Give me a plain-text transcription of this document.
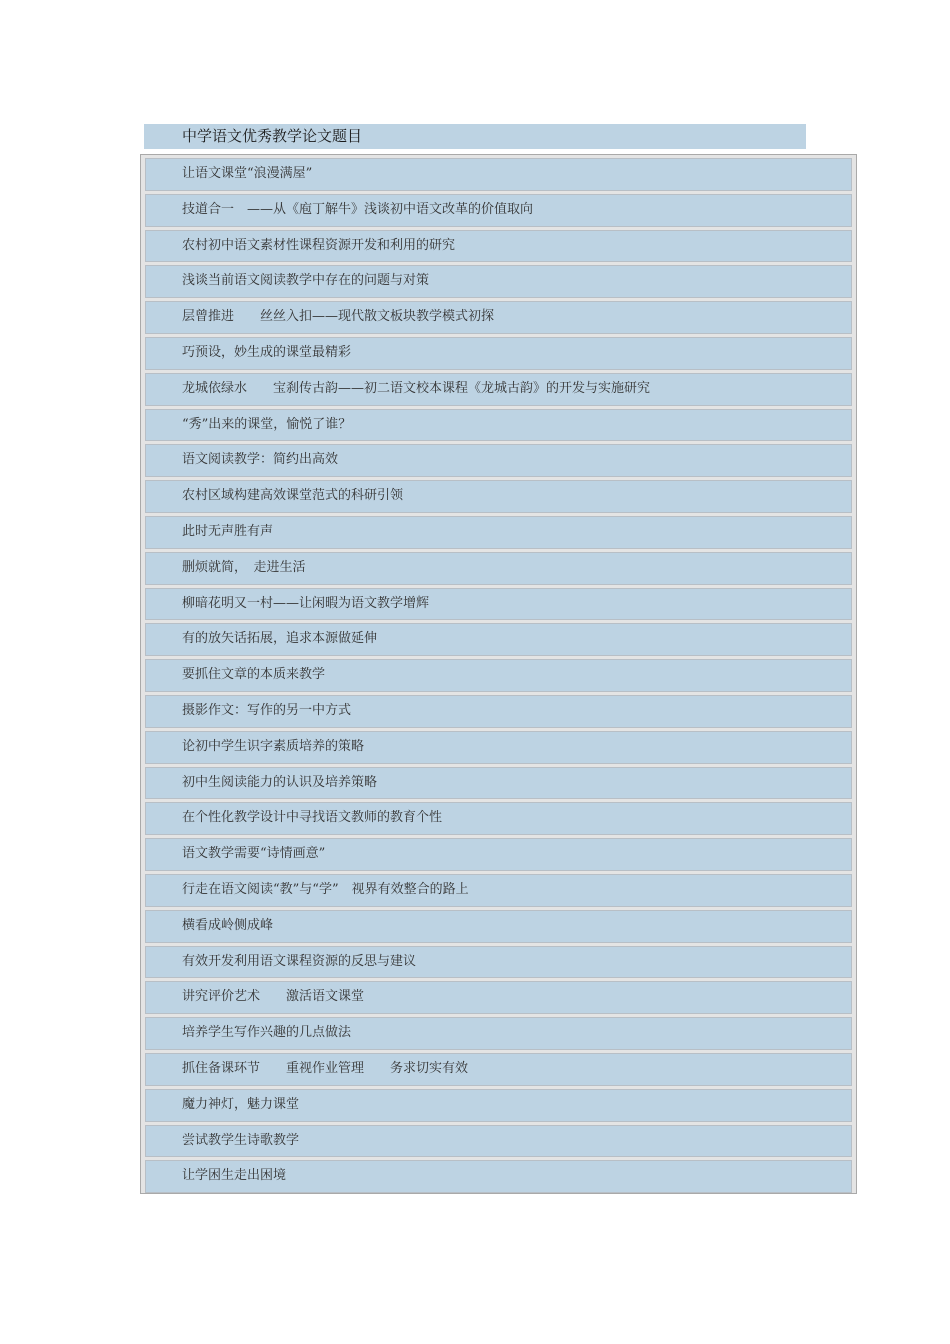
中学语文优秀教学论文题目
让语文课堂“浪漫满屋”
技道合一　——从《庖丁解牛》浅谈初中语文改革的价值取向
农村初中语文素材性课程资源开发和利用的研究
浅谈当前语文阅读教学中存在的问题与对策
层曾推进　　丝丝入扣——现代散文板块教学模式初探
巧预设，妙生成的课堂最精彩
龙城依绿水　　宝刹传古韵——初二语文校本课程《龙城古韵》的开发与实施研究
“秀”出来的课堂，愉悦了谁？
语文阅读教学：简约出高效
农村区域构建高效课堂范式的科研引领
此时无声胜有声
删烦就简，　走进生活
柳暗花明又一村——让闲暇为语文教学增辉
有的放矢话拓展，追求本源做延伸
要抓住文章的本质来教学
摄影作文：写作的另一中方式
论初中学生识字素质培养的策略
初中生阅读能力的认识及培养策略
在个性化教学设计中寻找语文教师的教育个性
语文教学需要“诗情画意”
行走在语文阅读“教”与“学”　视界有效整合的路上
横看成岭侧成峰
有效开发利用语文课程资源的反思与建议
讲究评价艺术　　激活语文课堂
培养学生写作兴趣的几点做法
抓住备课环节　　重视作业管理　　务求切实有效
魔力神灯，魅力课堂
尝试教学生诗歌教学
让学困生走出困境
